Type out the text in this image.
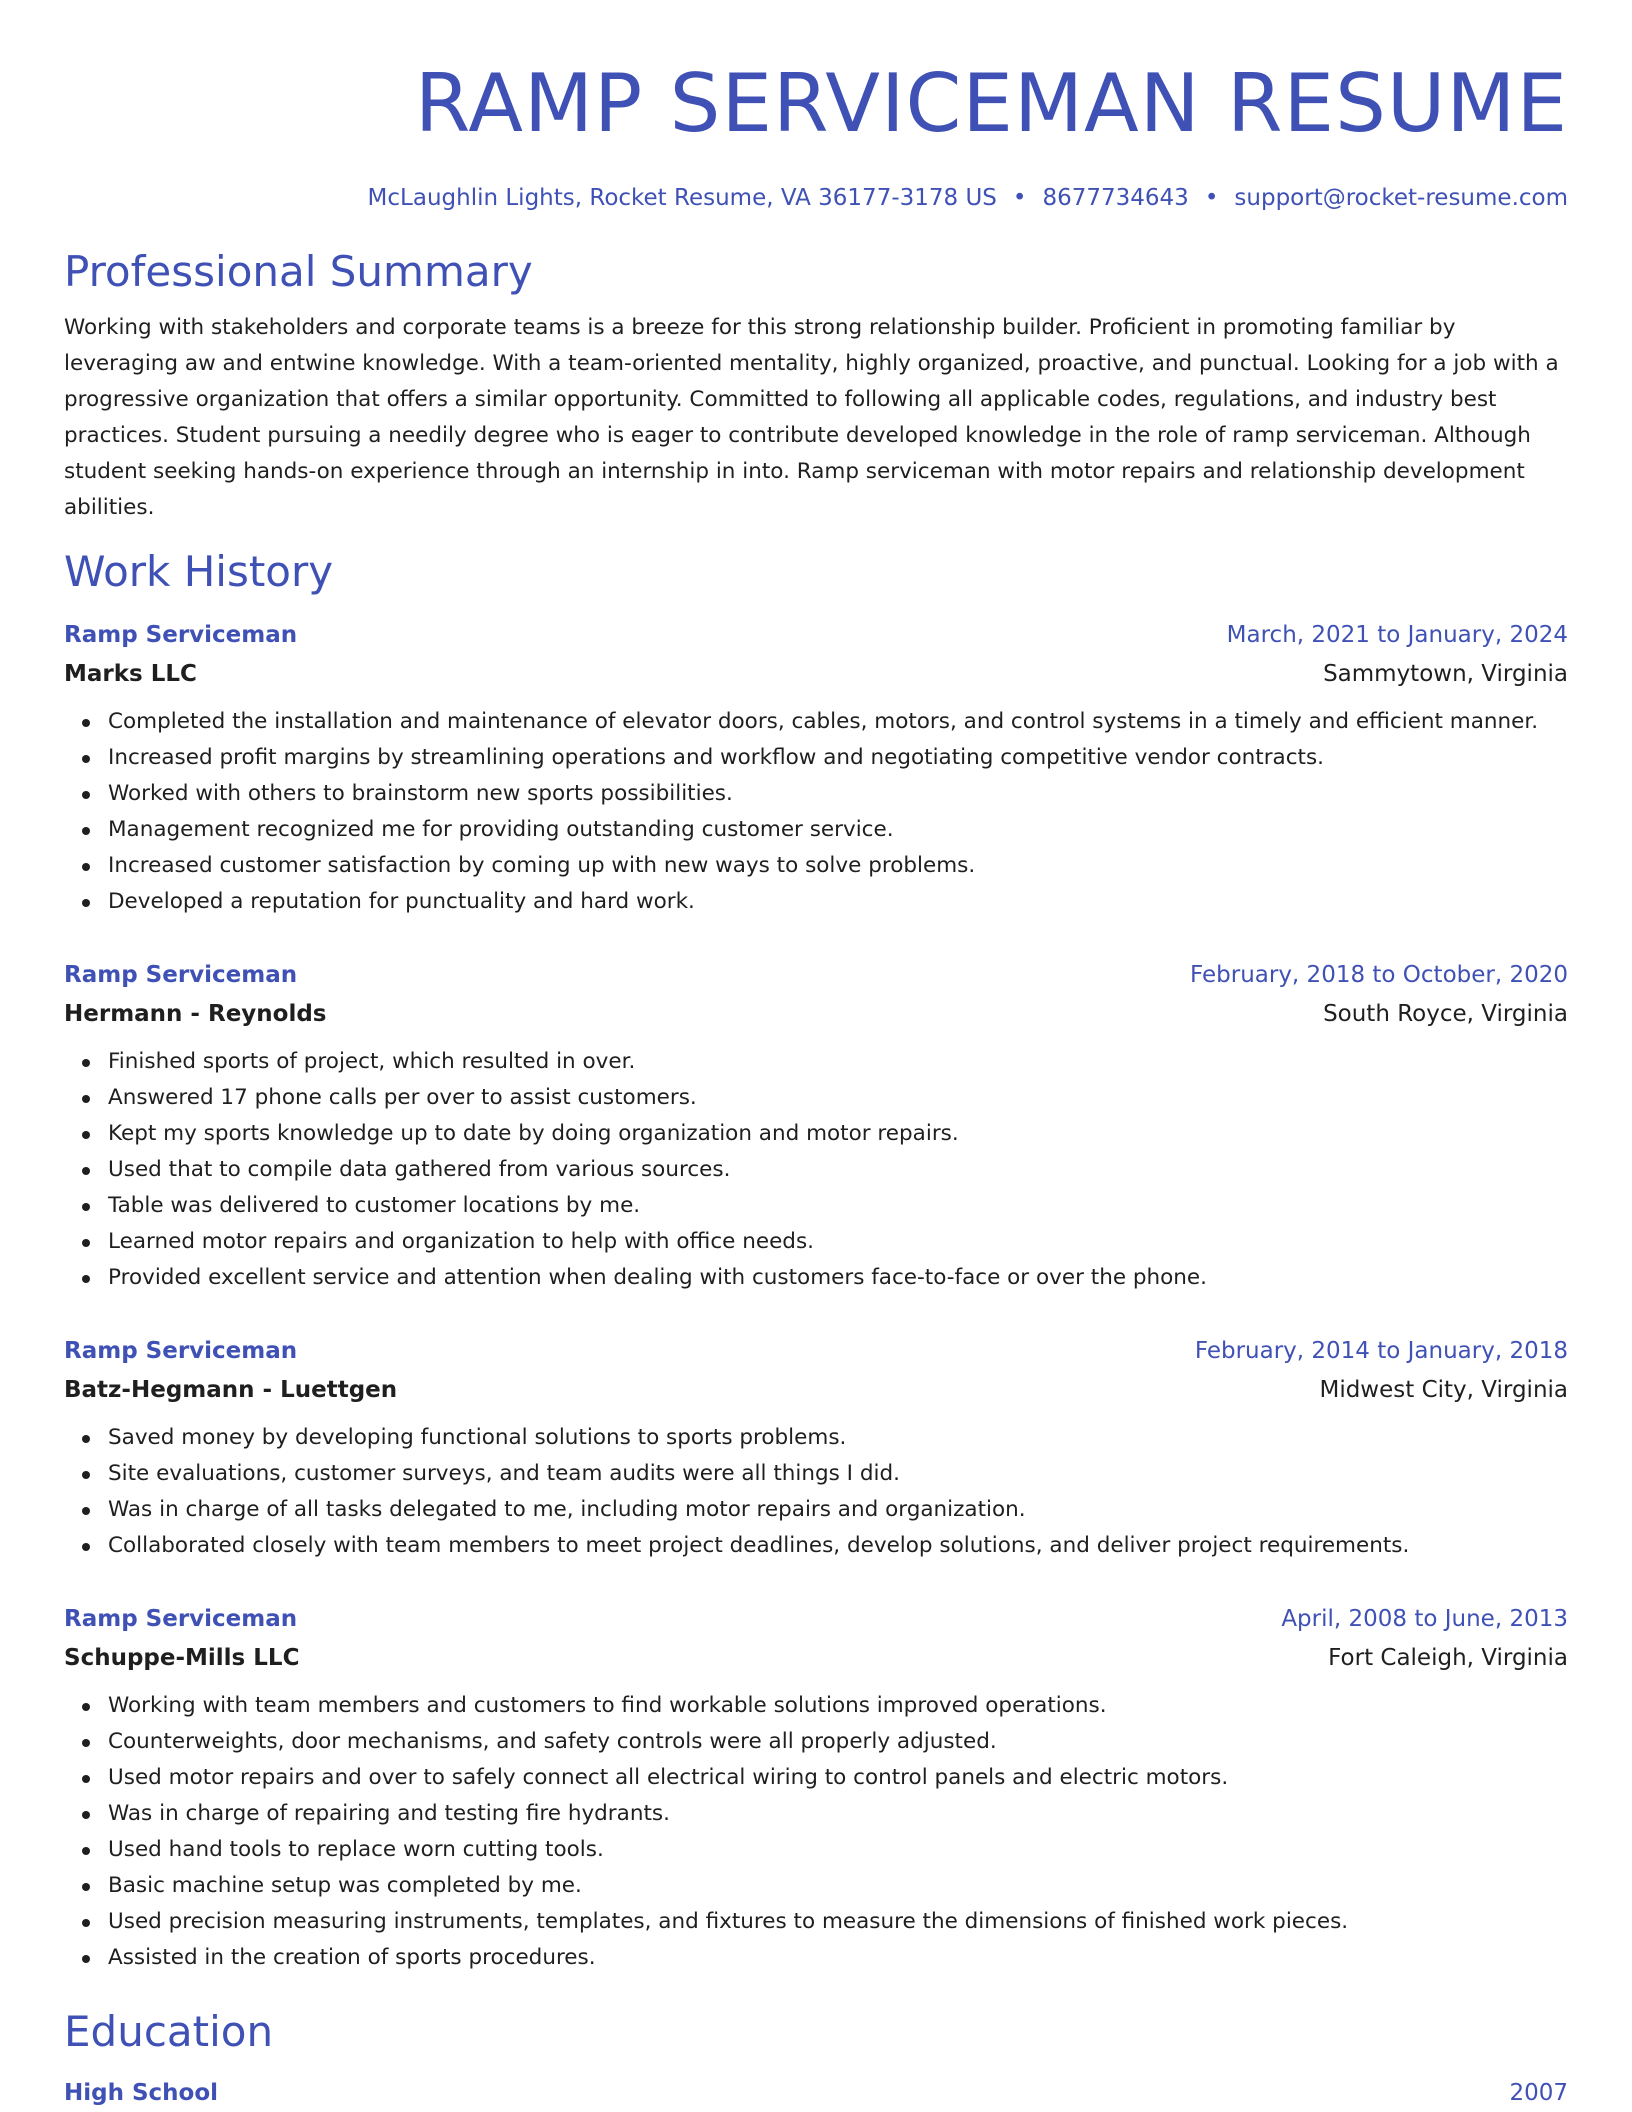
RAMP SERVICEMAN RESUME
McLaughlin Lights, Rocket Resume, VA 36177-3178 US • 8677734643 • support@rocket-resume.com
Professional Summary

Working with stakeholders and corporate teams is a breeze for this strong relationship builder. Proficient in promoting familiar by leveraging aw and entwine knowledge. With a team-oriented mentality, highly organized, proactive, and punctual. Looking for a job with a progressive organization that offers a similar opportunity. Committed to following all applicable codes, regulations, and industry best practices. Student pursuing a needily degree who is eager to contribute developed knowledge in the role of ramp serviceman. Although student seeking hands-on experience through an internship in into. Ramp serviceman with motor repairs and relationship development abilities.

Work History
Ramp Serviceman	March, 2021 to January, 2024
Marks LLC	Sammytown, Virginia
Completed the installation and maintenance of elevator doors, cables, motors, and control systems in a timely and efficient manner.
Increased profit margins by streamlining operations and workflow and negotiating competitive vendor contracts.
Worked with others to brainstorm new sports possibilities.
Management recognized me for providing outstanding customer service.
Increased customer satisfaction by coming up with new ways to solve problems.
Developed a reputation for punctuality and hard work.
Ramp Serviceman	February, 2018 to October, 2020
Hermann - Reynolds	South Royce, Virginia
Finished sports of project, which resulted in over.
Answered 17 phone calls per over to assist customers.
Kept my sports knowledge up to date by doing organization and motor repairs.
Used that to compile data gathered from various sources.
Table was delivered to customer locations by me.
Learned motor repairs and organization to help with office needs.
Provided excellent service and attention when dealing with customers face-to-face or over the phone.
Ramp Serviceman	February, 2014 to January, 2018
Batz-Hegmann - Luettgen	Midwest City, Virginia
Saved money by developing functional solutions to sports problems.
Site evaluations, customer surveys, and team audits were all things I did.
Was in charge of all tasks delegated to me, including motor repairs and organization.
Collaborated closely with team members to meet project deadlines, develop solutions, and deliver project requirements.
Ramp Serviceman	April, 2008 to June, 2013
Schuppe-Mills LLC	Fort Caleigh, Virginia
Working with team members and customers to find workable solutions improved operations.
Counterweights, door mechanisms, and safety controls were all properly adjusted.
Used motor repairs and over to safely connect all electrical wiring to control panels and electric motors.
Was in charge of repairing and testing fire hydrants.
Used hand tools to replace worn cutting tools.
Basic machine setup was completed by me.
Used precision measuring instruments, templates, and fixtures to measure the dimensions of finished work pieces.
Assisted in the creation of sports procedures.
Education
High School	2007
